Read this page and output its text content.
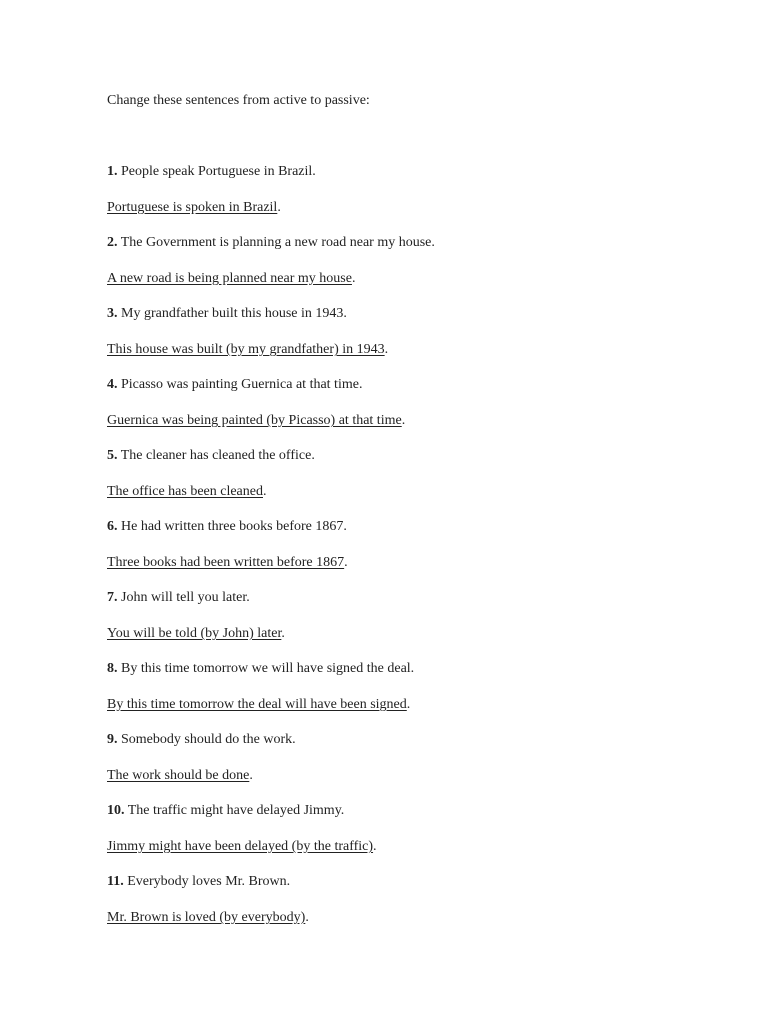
Change these sentences from active to passive:
1. People speak Portuguese in Brazil.
Portuguese is spoken in Brazil.
2. The Government is planning a new road near my house.
A new road is being planned near my house.
3. My grandfather built this house in 1943.
This house was built (by my grandfather) in 1943.
4. Picasso was painting Guernica at that time.
Guernica was being painted (by Picasso) at that time.
5. The cleaner has cleaned the office.
The office has been cleaned.
6. He had written three books before 1867.
Three books had been written before 1867.
7. John will tell you later.
You will be told (by John) later.
8. By this time tomorrow we will have signed the deal.
By this time tomorrow the deal will have been signed.
9. Somebody should do the work.
The work should be done.
10. The traffic might have delayed Jimmy.
Jimmy might have been delayed (by the traffic).
11. Everybody loves Mr. Brown.
Mr. Brown is loved (by everybody).
